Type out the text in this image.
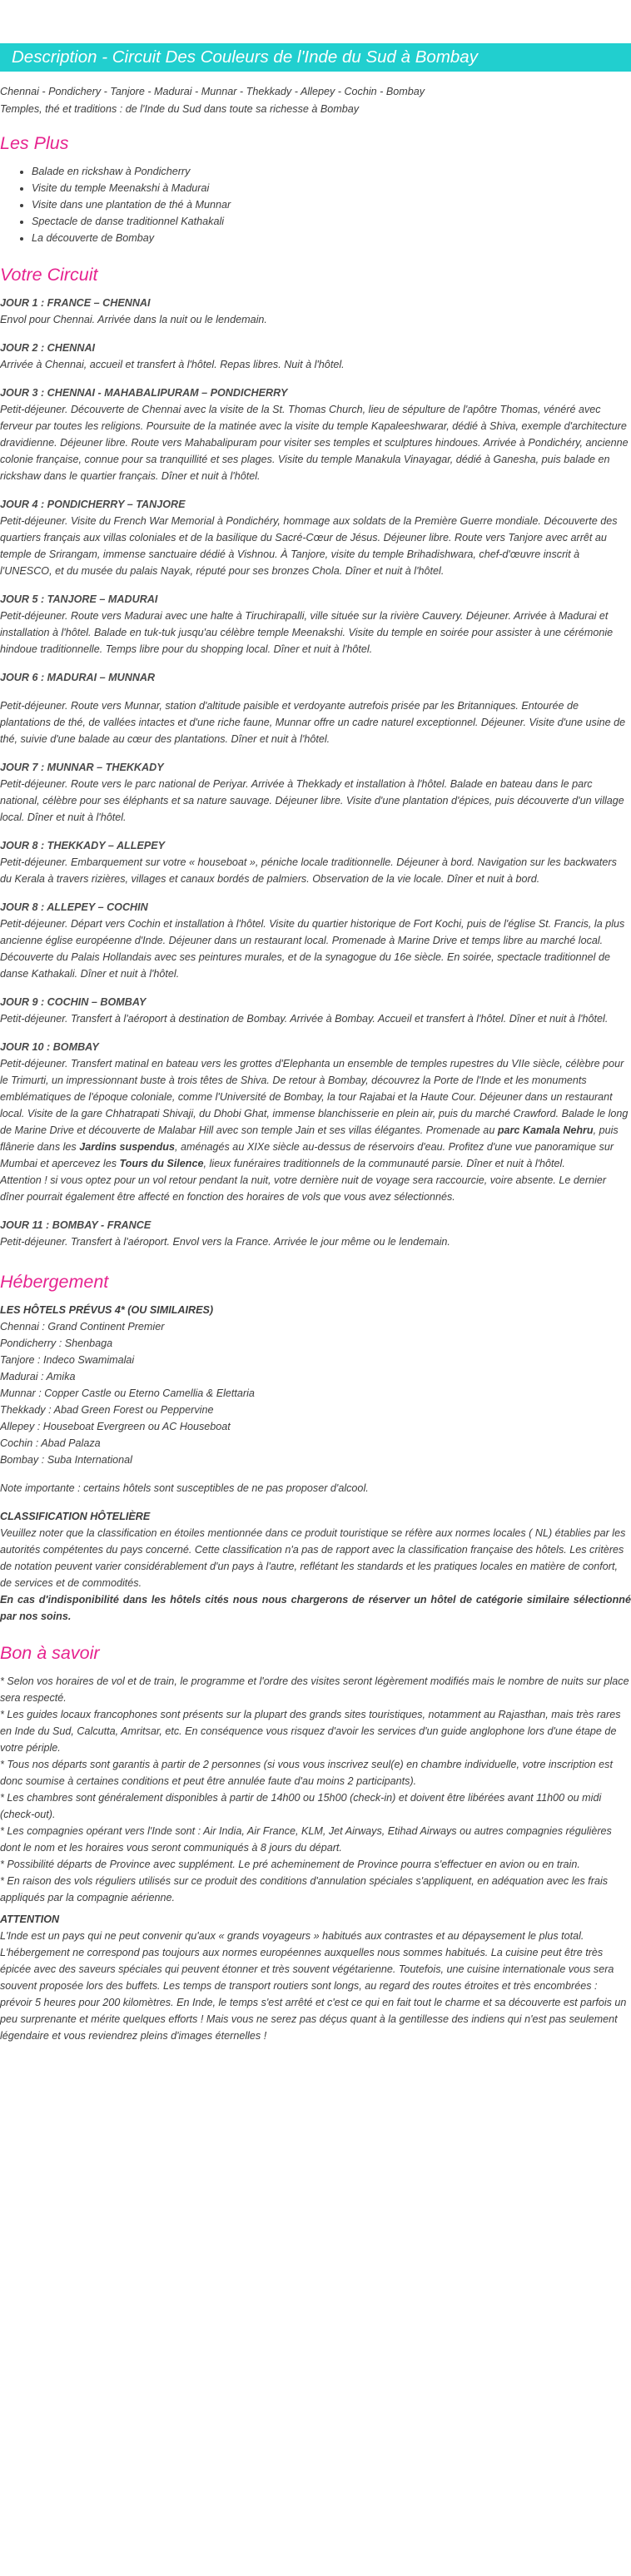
Description - Circuit Des Couleurs de l'Inde du Sud à Bombay

Chennai - Pondichery - Tanjore - Madurai - Munnar - Thekkady - Allepey - Cochin - Bombay

Temples, thé et traditions : de l'Inde du Sud dans toute sa richesse à Bombay

Les Plus
• Balade en rickshaw à Pondicherry
• Visite du temple Meenakshi à Madurai
• Visite dans une plantation de thé à Munnar
• Spectacle de danse traditionnel Kathakali
• La découverte de Bombay
Votre Circuit
JOUR 1 : FRANCE – CHENNAI

Envol pour Chennai. Arrivée dans la nuit ou le lendemain.

JOUR 2 : CHENNAI

Arrivée à Chennai, accueil et transfert à l'hôtel. Repas libres. Nuit à l'hôtel.

JOUR 3 : CHENNAI - MAHABALIPURAM – PONDICHERRY

Petit-déjeuner. Découverte de Chennai avec la visite de la St. Thomas Church, lieu de sépulture de l'apôtre Thomas, vénéré avec ferveur par toutes les religions. Poursuite de la matinée avec la visite du temple Kapaleeshwarar, dédié à Shiva, exemple d'architecture dravidienne. Déjeuner libre. Route vers Mahabalipuram pour visiter ses temples et sculptures hindoues. Arrivée à Pondichéry, ancienne colonie française, connue pour sa tranquillité et ses plages. Visite du temple Manakula Vinayagar, dédié à Ganesha, puis balade en rickshaw dans le quartier français. Dîner et nuit à l'hôtel.

JOUR 4 : PONDICHERRY – TANJORE

Petit-déjeuner. Visite du French War Memorial à Pondichéry, hommage aux soldats de la Première Guerre mondiale. Découverte des quartiers français aux villas coloniales et de la basilique du Sacré-Cœur de Jésus. Déjeuner libre. Route vers Tanjore avec arrêt au temple de Srirangam, immense sanctuaire dédié à Vishnou. À Tanjore, visite du temple Brihadishwara, chef-d'œuvre inscrit à l'UNESCO, et du musée du palais Nayak, réputé pour ses bronzes Chola. Dîner et nuit à l'hôtel.

JOUR 5 : TANJORE – MADURAI

Petit-déjeuner. Route vers Madurai avec une halte à Tiruchirapalli, ville située sur la rivière Cauvery. Déjeuner. Arrivée à Madurai et installation à l'hôtel. Balade en tuk-tuk jusqu'au célèbre temple Meenakshi. Visite du temple en soirée pour assister à une cérémonie hindoue traditionnelle. Temps libre pour du shopping local. Dîner et nuit à l'hôtel.

JOUR 6 : MADURAI – MUNNAR

Petit-déjeuner. Route vers Munnar, station d'altitude paisible et verdoyante autrefois prisée par les Britanniques. Entourée de plantations de thé, de vallées intactes et d'une riche faune, Munnar offre un cadre naturel exceptionnel. Déjeuner. Visite d'une usine de thé, suivie d'une balade au cœur des plantations. Dîner et nuit à l'hôtel.

JOUR 7 : MUNNAR – THEKKADY

Petit-déjeuner. Route vers le parc national de Periyar. Arrivée à Thekkady et installation à l'hôtel. Balade en bateau dans le parc national, célèbre pour ses éléphants et sa nature sauvage. Déjeuner libre. Visite d'une plantation d'épices, puis découverte d'un village local. Dîner et nuit à l'hôtel.

JOUR 8 : THEKKADY – ALLEPEY

Petit-déjeuner. Embarquement sur votre « houseboat », péniche locale traditionnelle. Déjeuner à bord. Navigation sur les backwaters du Kerala à travers rizières, villages et canaux bordés de palmiers. Observation de la vie locale. Dîner et nuit à bord.

JOUR 8 : ALLEPEY – COCHIN

Petit-déjeuner. Départ vers Cochin et installation à l'hôtel. Visite du quartier historique de Fort Kochi, puis de l'église St. Francis, la plus ancienne église européenne d'Inde. Déjeuner dans un restaurant local. Promenade à Marine Drive et temps libre au marché local. Découverte du Palais Hollandais avec ses peintures murales, et de la synagogue du 16e siècle. En soirée, spectacle traditionnel de danse Kathakali. Dîner et nuit à l'hôtel.

JOUR 9 : COCHIN – BOMBAY

Petit-déjeuner. Transfert à l'aéroport à destination de Bombay. Arrivée à Bombay. Accueil et transfert à l'hôtel. Dîner et nuit à l'hôtel.

JOUR 10 : BOMBAY

Petit-déjeuner. Transfert matinal en bateau vers les grottes d'Elephanta un ensemble de temples rupestres du VIIe siècle, célèbre pour le Trimurti, un impressionnant buste à trois têtes de Shiva. De retour à Bombay, découvrez la Porte de l'Inde et les monuments emblématiques de l'époque coloniale, comme l'Université de Bombay, la tour Rajabai et la Haute Cour. Déjeuner dans un restaurant local. Visite de la gare Chhatrapati Shivaji, du Dhobi Ghat, immense blanchisserie en plein air, puis du marché Crawford. Balade le long de Marine Drive et découverte de Malabar Hill avec son temple Jain et ses villas élégantes. Promenade au parc Kamala Nehru, puis flânerie dans les Jardins suspendus, aménagés au XIXe siècle au-dessus de réservoirs d'eau. Profitez d'une vue panoramique sur Mumbai et apercevez les Tours du Silence, lieux funéraires traditionnels de la communauté parsie. Dîner et nuit à l'hôtel.

Attention ! si vous optez pour un vol retour pendant la nuit, votre dernière nuit de voyage sera raccourcie, voire absente. Le dernier dîner pourrait également être affecté en fonction des horaires de vols que vous avez sélectionnés.

JOUR 11 : BOMBAY - FRANCE

Petit-déjeuner. Transfert à l'aéroport. Envol vers la France. Arrivée le jour même ou le lendemain.

Hébergement

LES HÔTELS PRÉVUS 4* (OU SIMILAIRES)

Chennai : Grand Continent Premier

Pondicherry : Shenbaga

Tanjore : Indeco Swamimalai

Madurai : Amika

Munnar : Copper Castle ou Eterno Camellia & Elettaria

Thekkady : Abad Green Forest ou Peppervine

Allepey : Houseboat Evergreen ou AC Houseboat

Cochin : Abad Palaza

Bombay : Suba International

Note importante : certains hôtels sont susceptibles de ne pas proposer d'alcool.

CLASSIFICATION HÔTELIÈRE

Veuillez noter que la classification en étoiles mentionnée dans ce produit touristique se réfère aux normes locales ( NL) établies par les autorités compétentes du pays concerné. Cette classification n'a pas de rapport avec la classification française des hôtels. Les critères de notation peuvent varier considérablement d'un pays à l'autre, reflétant les standards et les pratiques locales en matière de confort, de services et de commodités.

En cas d'indisponibilité dans les hôtels cités nous nous chargerons de réserver un hôtel de catégorie similaire sélectionné par nos soins.

Bon à savoir

* Selon vos horaires de vol et de train, le programme et l'ordre des visites seront légèrement modifiés mais le nombre de nuits sur place sera respecté.

* Les guides locaux francophones sont présents sur la plupart des grands sites touristiques, notamment au Rajasthan, mais très rares en Inde du Sud, Calcutta, Amritsar, etc. En conséquence vous risquez d'avoir les services d'un guide anglophone lors d'une étape de votre périple.

* Tous nos départs sont garantis à partir de 2 personnes (si vous vous inscrivez seul(e) en chambre individuelle, votre inscription est donc soumise à certaines conditions et peut être annulée faute d'au moins 2 participants).

* Les chambres sont généralement disponibles à partir de 14h00 ou 15h00 (check-in) et doivent être libérées avant 11h00 ou midi (check-out).

* Les compagnies opérant vers l'Inde sont : Air India, Air France, KLM, Jet Airways, Etihad Airways ou autres compagnies régulières dont le nom et les horaires vous seront communiqués à 8 jours du départ.

* Possibilité départs de Province avec supplément. Le pré acheminement de Province pourra s'effectuer en avion ou en train.

* En raison des vols réguliers utilisés sur ce produit des conditions d'annulation spéciales s'appliquent, en adéquation avec les frais appliqués par la compagnie aérienne.

ATTENTION

L'Inde est un pays qui ne peut convenir qu'aux « grands voyageurs » habitués aux contrastes et au dépaysement le plus total. L'hébergement ne correspond pas toujours aux normes européennes auxquelles nous sommes habitués. La cuisine peut être très épicée avec des saveurs spéciales qui peuvent étonner et très souvent végétarienne. Toutefois, une cuisine internationale vous sera souvent proposée lors des buffets. Les temps de transport routiers sont longs, au regard des routes étroites et très encombrées : prévoir 5 heures pour 200 kilomètres. En Inde, le temps s'est arrêté et c'est ce qui en fait tout le charme et sa découverte est parfois un peu surprenante et mérite quelques efforts ! Mais vous ne serez pas déçus quant à la gentillesse des indiens qui n'est pas seulement légendaire et vous reviendrez pleins d'images éternelles !
